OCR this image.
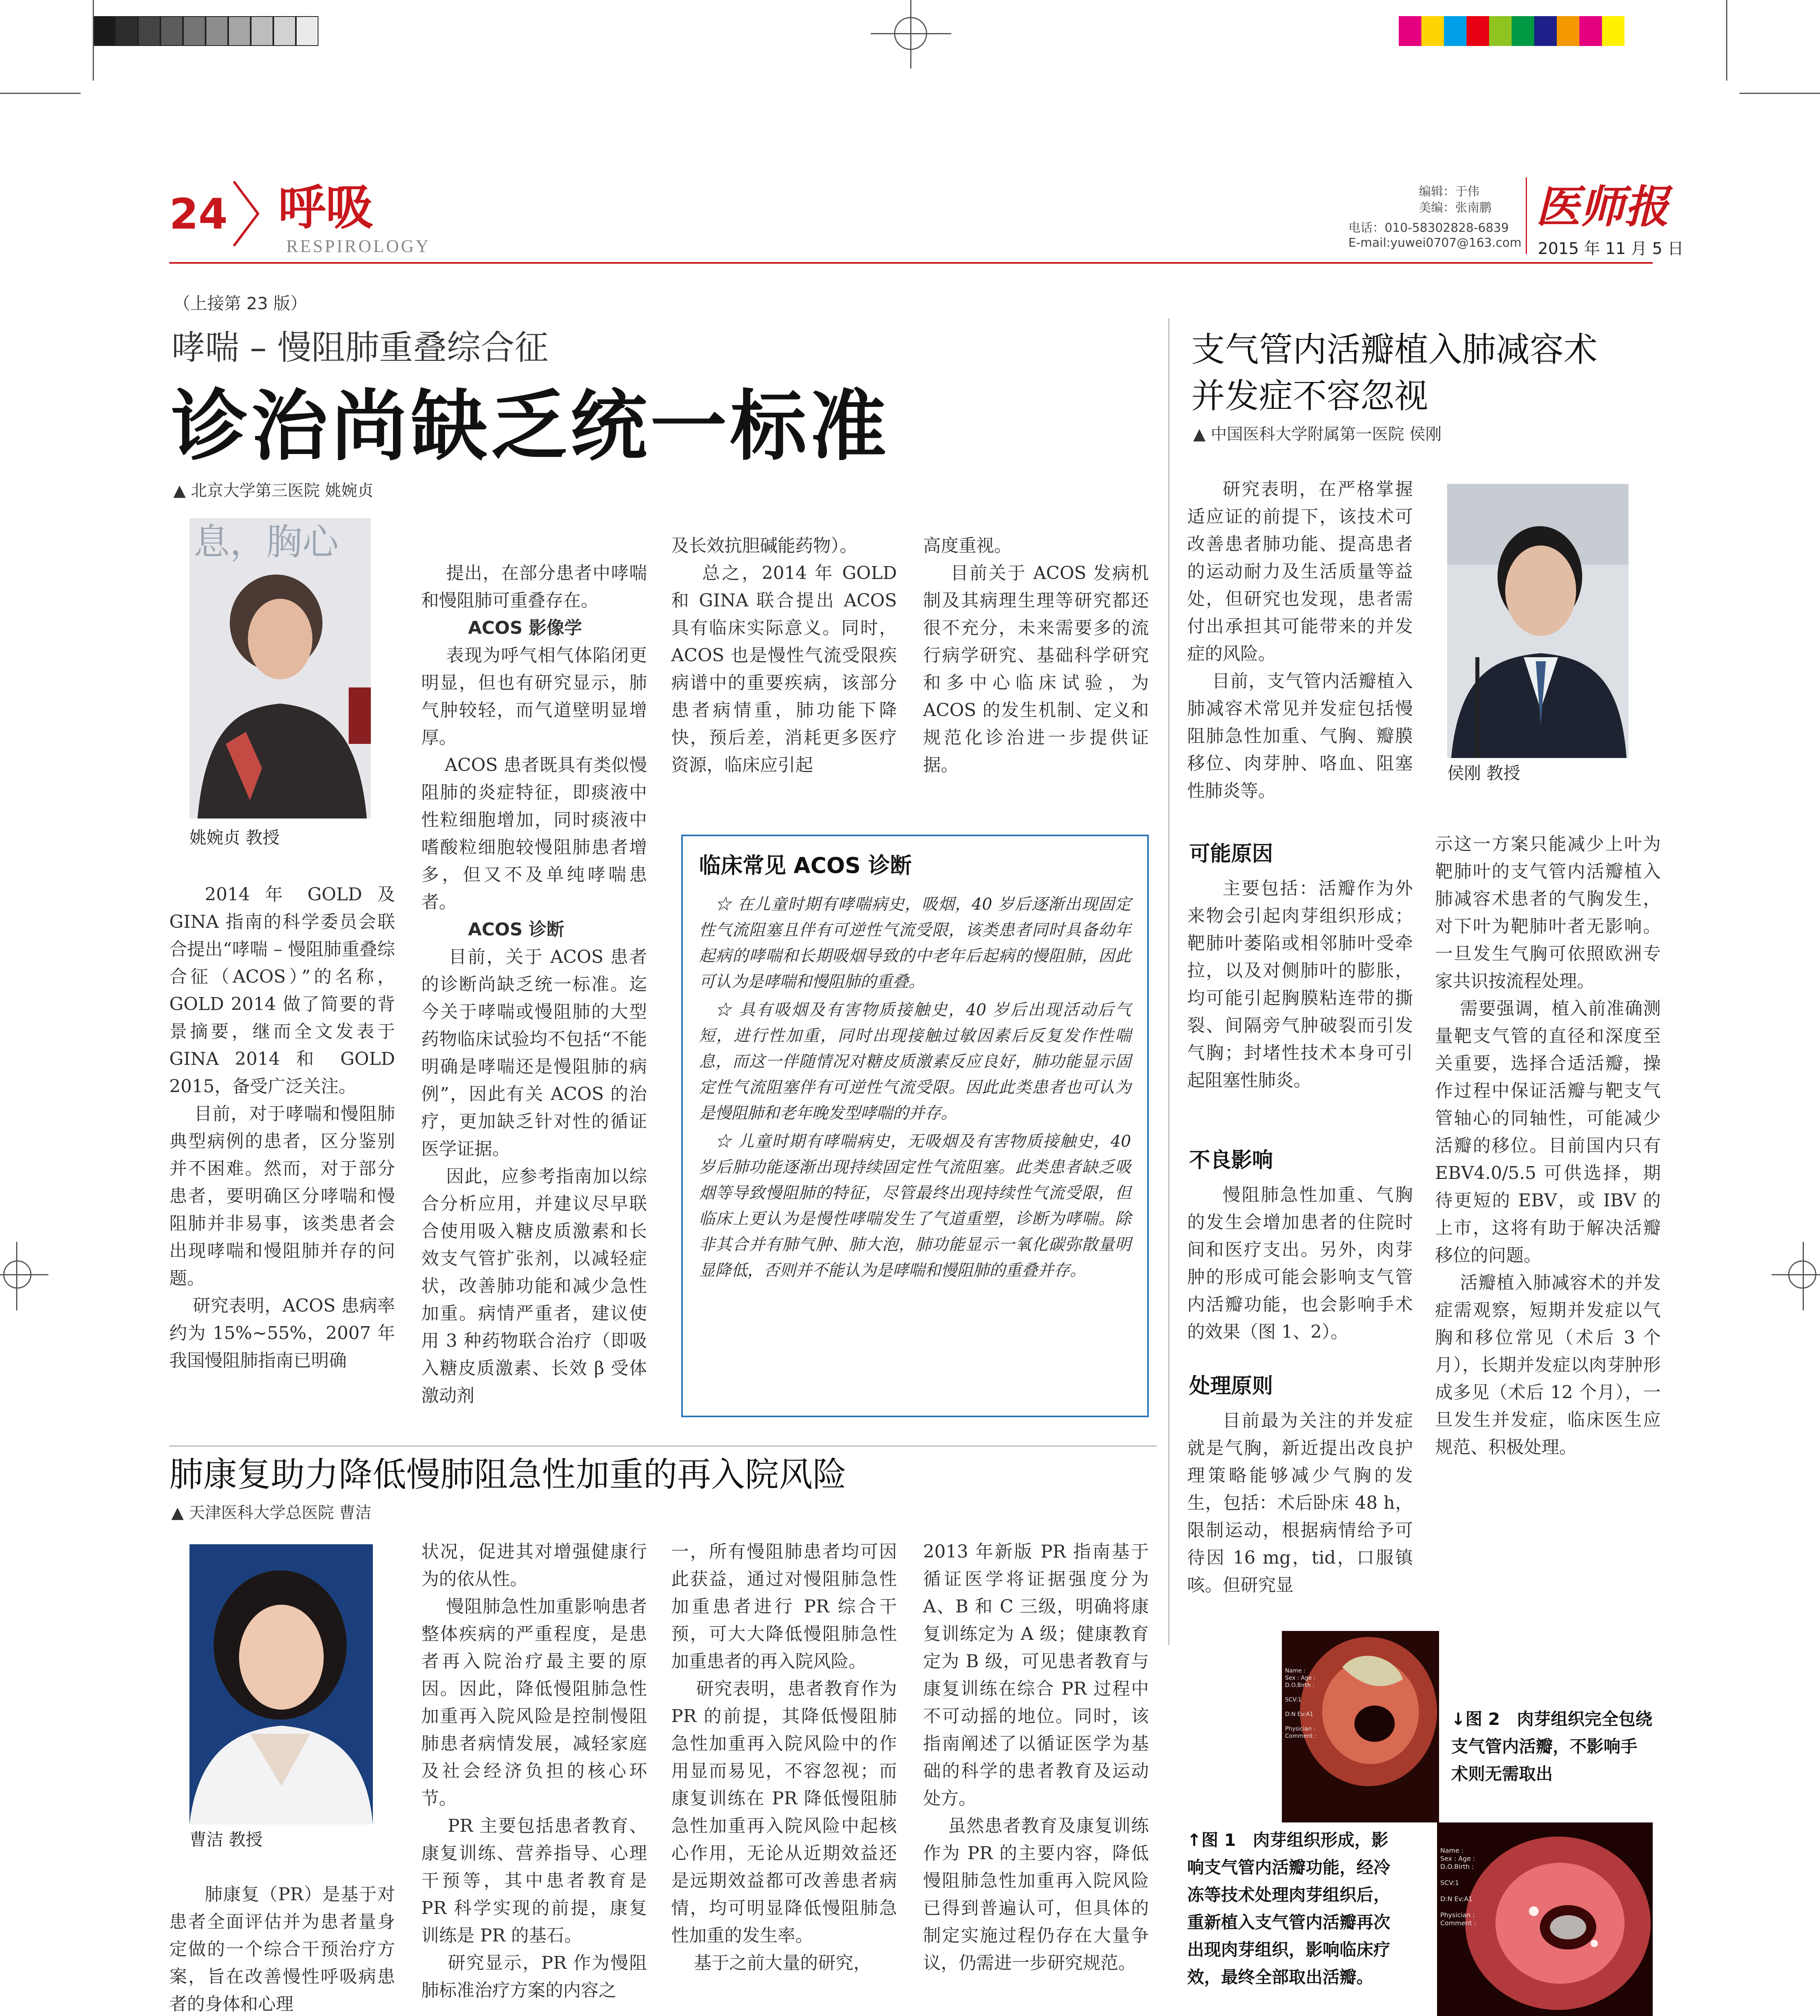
24 呼吸
RESPIROLOGY
编辑：于伟
美编：张南鹏
电话：010-58302828-6839
E-mail:yuwei0707@163.com
医师报
2015 年 11 月 5 日
（上接第 23 版）
哮喘 – 慢阻肺重叠综合征
诊治尚缺乏统一标准
▲ 北京大学第三医院 姚婉贞
息，胸心
姚婉贞 教授
2014 年 GOLD 及 GINA 指南的科学委员会联合提出“哮喘 – 慢阻肺重叠综合征（ACOS）”的名称，GOLD 2014 做了简要的背景摘要，继而全文发表于 GINA 2014 和 GOLD 2015，备受广泛关注。
目前，对于哮喘和慢阻肺典型病例的患者，区分鉴别并不困难。然而，对于部分患者，要明确区分哮喘和慢阻肺并非易事，该类患者会出现哮喘和慢阻肺并存的问题。
研究表明，ACOS 患病率约为 15%~55%，2007 年我国慢阻肺指南已明确

提出，在部分患者中哮喘和慢阻肺可重叠存在。
ACOS 影像学
表现为呼气相气体陷闭更明显，但也有研究显示，肺气肿较轻，而气道壁明显增厚。
ACOS 患者既具有类似慢阻肺的炎症特征，即痰液中性粒细胞增加，同时痰液中嗜酸粒细胞较慢阻肺患者增多，但又不及单纯哮喘患者。
ACOS 诊断
目前，关于 ACOS 患者的诊断尚缺乏统一标准。迄今关于哮喘或慢阻肺的大型药物临床试验均不包括“不能明确是哮喘还是慢阻肺的病例”，因此有关 ACOS 的治疗，更加缺乏针对性的循证医学证据。
因此，应参考指南加以综合分析应用，并建议尽早联合使用吸入糖皮质激素和长效支气管扩张剂，以减轻症状，改善肺功能和减少急性加重。病情严重者，建议使用 3 种药物联合治疗（即吸入糖皮质激素、长效 β 受体激动剂

及长效抗胆碱能药物）。
总之，2014 年 GOLD 和 GINA 联合提出 ACOS 具有临床实际意义。同时，ACOS 也是慢性气流受限疾病谱中的重要疾病，该部分患者病情重，肺功能下降快，预后差，消耗更多医疗资源，临床应引起
高度重视。
目前关于 ACOS 发病机制及其病理生理等研究都还很不充分，未来需要多的流行病学研究、基础科学研究和多中心临床试验，为 ACOS 的发生机制、定义和规范化诊治进一步提供证据。
临床常见 ACOS 诊断

☆ 在儿童时期有哮喘病史，吸烟，40 岁后逐渐出现固定性气流阻塞且伴有可逆性气流受限，该类患者同时具备幼年起病的哮喘和长期吸烟导致的中老年后起病的慢阻肺，因此可认为是哮喘和慢阻肺的重叠。

☆ 具有吸烟及有害物质接触史，40 岁后出现活动后气短，进行性加重，同时出现接触过敏因素后反复发作性喘息，而这一伴随情况对糖皮质激素反应良好，肺功能显示固定性气流阻塞伴有可逆性气流受限。因此此类患者也可认为是慢阻肺和老年晚发型哮喘的并存。

☆ 儿童时期有哮喘病史，无吸烟及有害物质接触史，40 岁后肺功能逐渐出现持续固定性气流阻塞。此类患者缺乏吸烟等导致慢阻肺的特征，尽管最终出现持续性气流受限，但临床上更认为是慢性哮喘发生了气道重塑，诊断为哮喘。除非其合并有肺气肿、肺大泡，肺功能显示一氧化碳弥散量明显降低，否则并不能认为是哮喘和慢阻肺的重叠并存。

肺康复助力降低慢肺阻急性加重的再入院风险
▲ 天津医科大学总医院 曹洁
曹洁 教授
肺康复（PR）是基于对患者全面评估并为患者量身定做的一个综合干预治疗方案，旨在改善慢性呼吸病患者的身体和心理
状况，促进其对增强健康行为的依从性。
慢阻肺急性加重影响患者整体疾病的严重程度，是患者再入院治疗最主要的原因。因此，降低慢阻肺急性加重再入院风险是控制慢阻肺患者病情发展，减轻家庭及社会经济负担的核心环节。
PR 主要包括患者教育、康复训练、营养指导、心理干预等，其中患者教育是 PR 科学实现的前提，康复训练是 PR 的基石。
研究显示，PR 作为慢阻肺标准治疗方案的内容之
一，所有慢阻肺患者均可因此获益，通过对慢阻肺急性加重患者进行 PR 综合干预，可大大降低慢阻肺急性加重患者的再入院风险。
研究表明，患者教育作为 PR 的前提，其降低慢阻肺急性加重再入院风险中的作用显而易见，不容忽视；而康复训练在 PR 降低慢阻肺急性加重再入院风险中起核心作用，无论从近期效益还是远期效益都可改善患者病情，均可明显降低慢阻肺急性加重的发生率。
基于之前大量的研究，
2013 年新版 PR 指南基于循证医学将证据强度分为 A、B 和 C 三级，明确将康复训练定为 A 级；健康教育定为 B 级，可见患者教育与康复训练在综合 PR 过程中不可动摇的地位。同时，该指南阐述了以循证医学为基础的科学的患者教育及运动处方。
虽然患者教育及康复训练作为 PR 的主要内容，降低慢阻肺急性加重再入院风险已得到普遍认可，但具体的制定实施过程仍存在大量争议，仍需进一步研究规范。
支气管内活瓣植入肺减容术
并发症不容忽视
▲ 中国医科大学附属第一医院 侯刚
研究表明，在严格掌握适应证的前提下，该技术可改善患者肺功能、提高患者的运动耐力及生活质量等益处，但研究也发现，患者需付出承担其可能带来的并发症的风险。
目前，支气管内活瓣植入肺减容术常见并发症包括慢阻肺急性加重、气胸、瓣膜移位、肉芽肿、咯血、阻塞性肺炎等。
侯刚 教授
可能原因
主要包括：活瓣作为外来物会引起肉芽组织形成；靶肺叶萎陷或相邻肺叶受牵拉，以及对侧肺叶的膨胀，均可能引起胸膜粘连带的撕裂、间隔旁气肿破裂而引发气胸；封堵性技术本身可引起阻塞性肺炎。
不良影响
慢阻肺急性加重、气胸的发生会增加患者的住院时间和医疗支出。另外，肉芽肿的形成可能会影响支气管内活瓣功能，也会影响手术的效果（图 1、2）。
处理原则
目前最为关注的并发症就是气胸，新近提出改良护理策略能够减少气胸的发生，包括：术后卧床 48 h，限制运动，根据病情给予可待因 16 mg，tid，口服镇咳。但研究显
示这一方案只能减少上叶为靶肺叶的支气管内活瓣植入肺减容术患者的气胸发生，对下叶为靶肺叶者无影响。一旦发生气胸可依照欧洲专家共识按流程处理。
需要强调，植入前准确测量靶支气管的直径和深度至关重要，选择合适活瓣，操作过程中保证活瓣与靶支气管轴心的同轴性，可能减少活瓣的移位。目前国内只有 EBV4.0/5.5 可供选择，期待更短的 EBV，或 IBV 的上市，这将有助于解决活瓣移位的问题。
活瓣植入肺减容术的并发症需观察，短期并发症以气胸和移位常见（术后 3 个月），长期并发症以肉芽肿形成多见（术后 12 个月），一旦发生并发症，临床医生应规范、积极处理。
Name :
Sex : Age :
D.O.Birth :

SCV:1

D:N Ev:A1

Physician :
Comment :
↓图 2　肉芽组织完全包绕支气管内活瓣，不影响手术则无需取出
↑图 1　肉芽组织形成，影响支气管内活瓣功能，经冷冻等技术处理肉芽组织后，重新植入支气管内活瓣再次出现肉芽组织，影响临床疗效，最终全部取出活瓣。
Name :
Sex : Age :
D.O.Birth :

SCV:1

D:N Ev:A1

Physician :
Comment :
